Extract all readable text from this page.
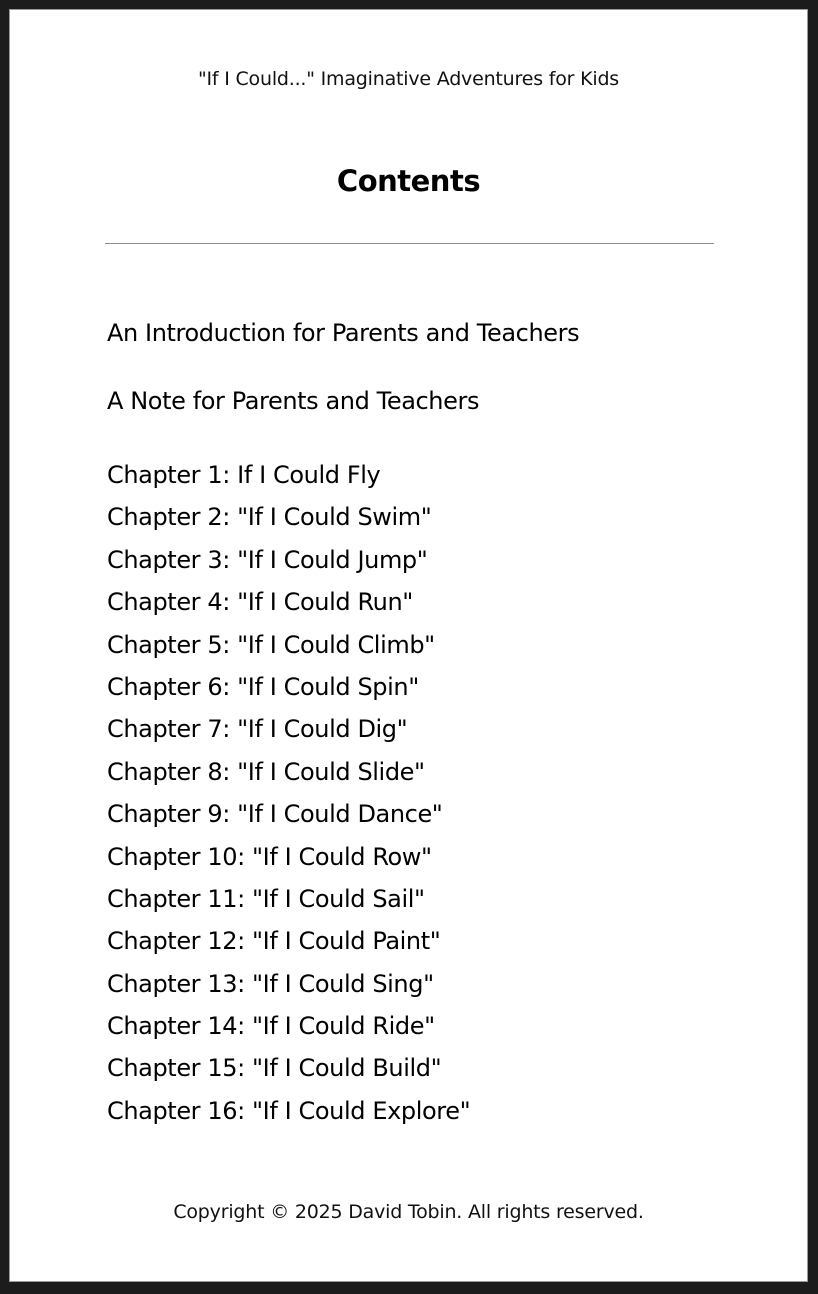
"If I Could..." Imaginative Adventures for Kids
Contents
An Introduction for Parents and Teachers
A Note for Parents and Teachers
Chapter 1: If I Could Fly
Chapter 2: "If I Could Swim"
Chapter 3: "If I Could Jump"
Chapter 4: "If I Could Run"
Chapter 5: "If I Could Climb"
Chapter 6: "If I Could Spin"
Chapter 7: "If I Could Dig"
Chapter 8: "If I Could Slide"
Chapter 9: "If I Could Dance"
Chapter 10: "If I Could Row"
Chapter 11: "If I Could Sail"
Chapter 12: "If I Could Paint"
Chapter 13: "If I Could Sing"
Chapter 14: "If I Could Ride"
Chapter 15: "If I Could Build"
Chapter 16: "If I Could Explore"
Copyright © 2025 David Tobin. All rights reserved.
